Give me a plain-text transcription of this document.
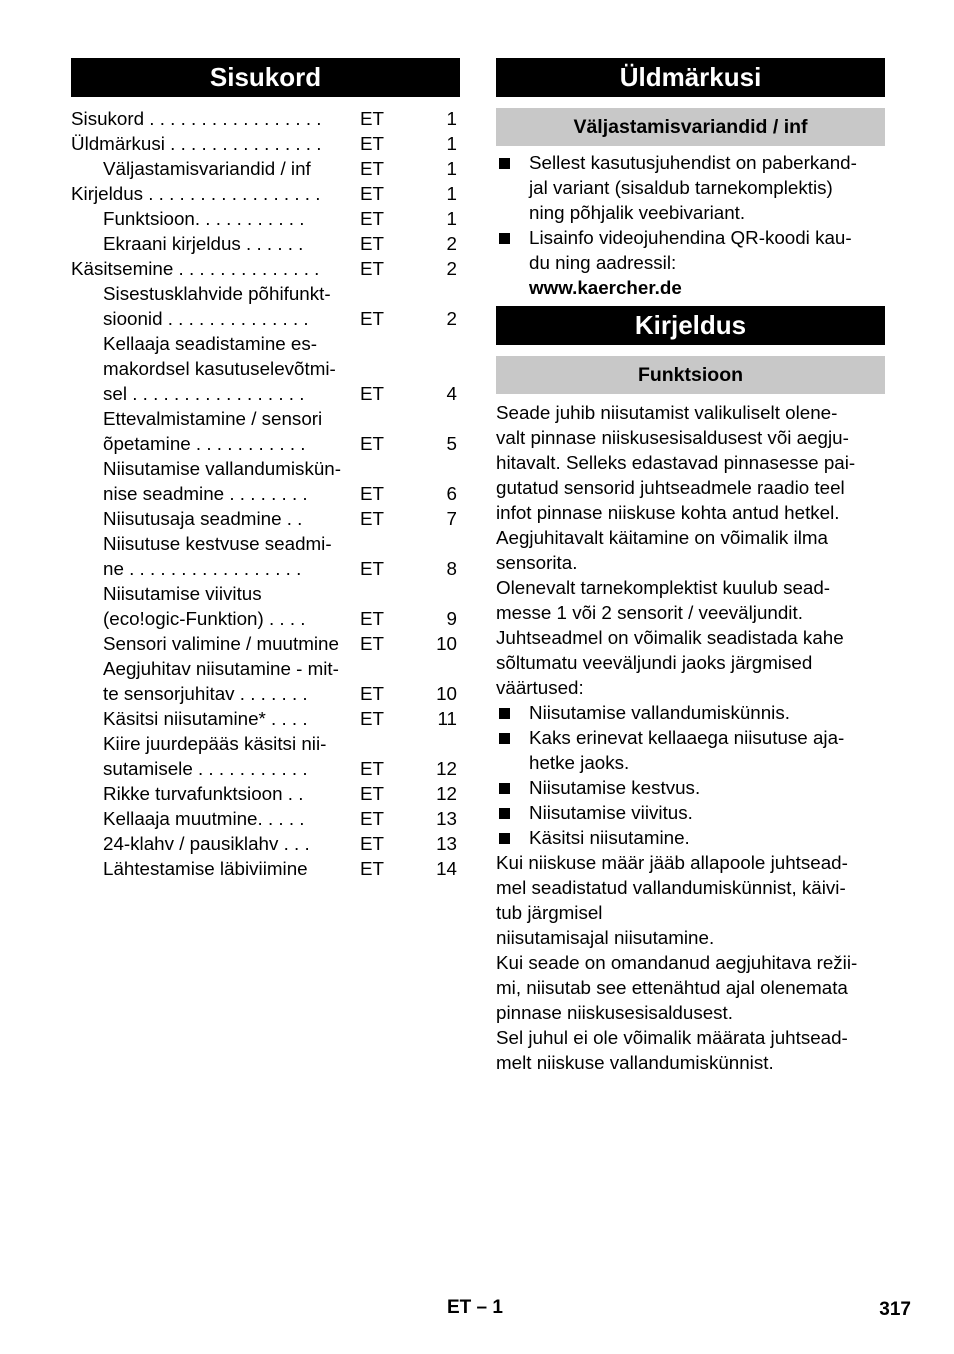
Sisukord
Sisukord . . . . . . . . . . . . . . . . .	ET	1
Üldmärkusi . . . . . . . . . . . . . . .	ET	1
Väljastamisvariandid / inf	ET	1
Kirjeldus . . . . . . . . . . . . . . . . .	ET	1
Funktsioon. . . . . . . . . . .	ET	1
Ekraani kirjeldus . . . . . .	ET	2
Käsitsemine . . . . . . . . . . . . . .	ET	2
Sisestusklahvide põhifunkt-
sioonid . . . . . . . . . . . . . .	ET	2
Kellaaja seadistamine es-
makordsel kasutuselevõtmi-
sel . . . . . . . . . . . . . . . . .	ET	4
Ettevalmistamine / sensori
õpetamine . . . . . . . . . . .	ET	5
Niisutamise vallandumiskün-
nise seadmine . . . . . . . .	ET	6
Niisutusaja seadmine . .	ET	7
Niisutuse kestvuse seadmi-
ne . . . . . . . . . . . . . . . . .	ET	8
Niisutamise viivitus
(eco!ogic-Funktion) . . . .	ET	9
Sensori valimine / muutmine	ET	10
Aegjuhitav niisutamine - mit-
te sensorjuhitav . . . . . . .	ET	10
Käsitsi niisutamine* . . . .	ET	11
Kiire juurdepääs käsitsi nii-
sutamisele . . . . . . . . . . .	ET	12
Rikke turvafunktsioon . .	ET	12
Kellaaja muutmine. . . . .	ET	13
24-klahv / pausiklahv . . .	ET	13
Lähtestamise läbiviimine	ET	14
Üldmärkusi
Väljastamisvariandid / inf
Sellest kasutusjuhendist on paberkand-
jal variant (sisaldub tarnekomplektis)
ning põhjalik veebivariant.
Lisainfo videojuhendina QR-koodi kau-
du ning aadressil:
www.kaercher.de
Kirjeldus
Funktsioon
Seade juhib niisutamist valikuliselt olene-
valt pinnase niiskusesisaldusest või aegju-
hitavalt. Selleks edastavad pinnasesse pai-
gutatud sensorid juhtseadmele raadio teel
infot pinnase niiskuse kohta antud hetkel.
Aegjuhitavalt käitamine on võimalik ilma
sensorita.
Olenevalt tarnekomplektist kuulub sead-
messe 1 või 2 sensorit / veeväljundit.
Juhtseadmel on võimalik seadistada kahe
sõltumatu veeväljundi jaoks järgmised
väärtused:
Niisutamise vallandumiskünnis.
Kaks erinevat kellaaega niisutuse aja-
hetke jaoks.
Niisutamise kestvus.
Niisutamise viivitus.
Käsitsi niisutamine.
Kui niiskuse määr jääb allapoole juhtsead-
mel seadistatud vallandumiskünnist, käivi-
tub järgmisel
niisutamisajal niisutamine.
Kui seade on omandanud aegjuhitava režii-
mi, niisutab see ettenähtud ajal olenemata
pinnase niiskusesisaldusest.
Sel juhul ei ole võimalik määrata juhtsead-
melt niiskuse vallandumiskünnist.
ET – 1	317
